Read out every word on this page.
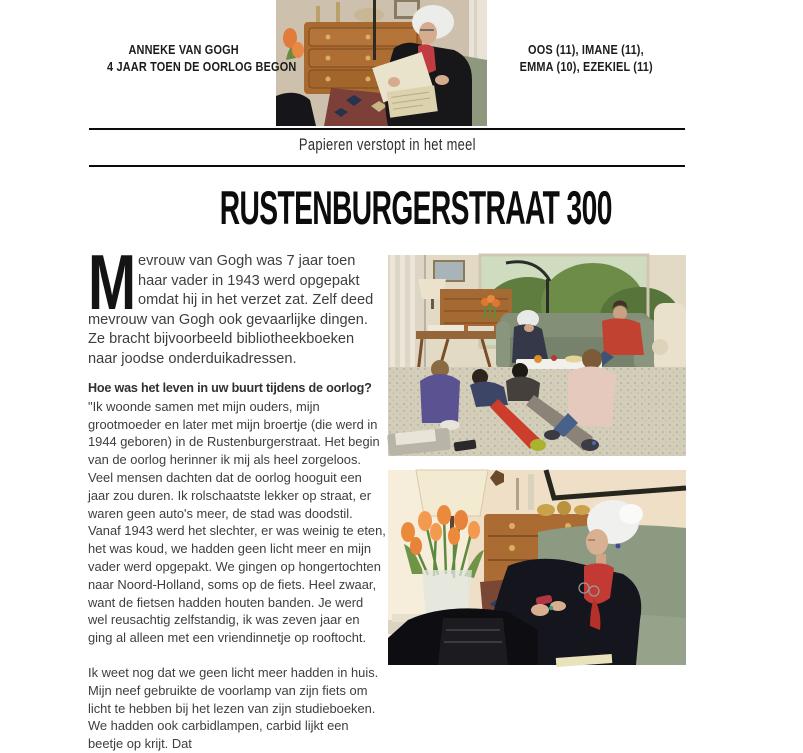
ANNEKE VAN GOGH
4 JAAR TOEN DE OORLOG BEGON
OOS (11), IMANE (11),
EMMA (10), EZEKIEL (11)
Papieren verstopt in het meel
RUSTENBURGERSTRAAT 300

M evrouw van Gogh was 7 jaar toen haar vader in 1943 werd opgepakt omdat hij in het verzet zat. Zelf deed mevrouw van Gogh ook gevaarlijke dingen. Ze bracht bijvoorbeeld bibliotheekboeken naar joodse onderduikadressen.

Hoe was het leven in uw buurt tijdens de oorlog?

"Ik woonde samen met mijn ouders, mijn grootmoeder en later met mijn broertje (die werd in 1944 geboren) in de Rustenburgerstraat. Het begin van de oorlog herinner ik mij als heel zorgeloos. Veel mensen dachten dat de oorlog hooguit een jaar zou duren. Ik rolschaatste lekker op straat, er waren geen auto's meer, de stad was doodstil. Vanaf 1943 werd het slechter, er was weinig te eten, het was koud, we hadden geen licht meer en mijn vader werd opgepakt. We gingen op hongertochten naar Noord-Holland, soms op de fiets. Heel zwaar, want de fietsen hadden houten banden. Je werd wel reusachtig zelfstandig, ik was zeven jaar en ging al alleen met een vriendinnetje op rooftocht.

Ik weet nog dat we geen licht meer hadden in huis. Mijn neef gebruikte de voorlamp van zijn fiets om licht te hebben bij het lezen van zijn studieboeken. We hadden ook carbidlampen, carbid lijkt een beetje op krijt. Dat
